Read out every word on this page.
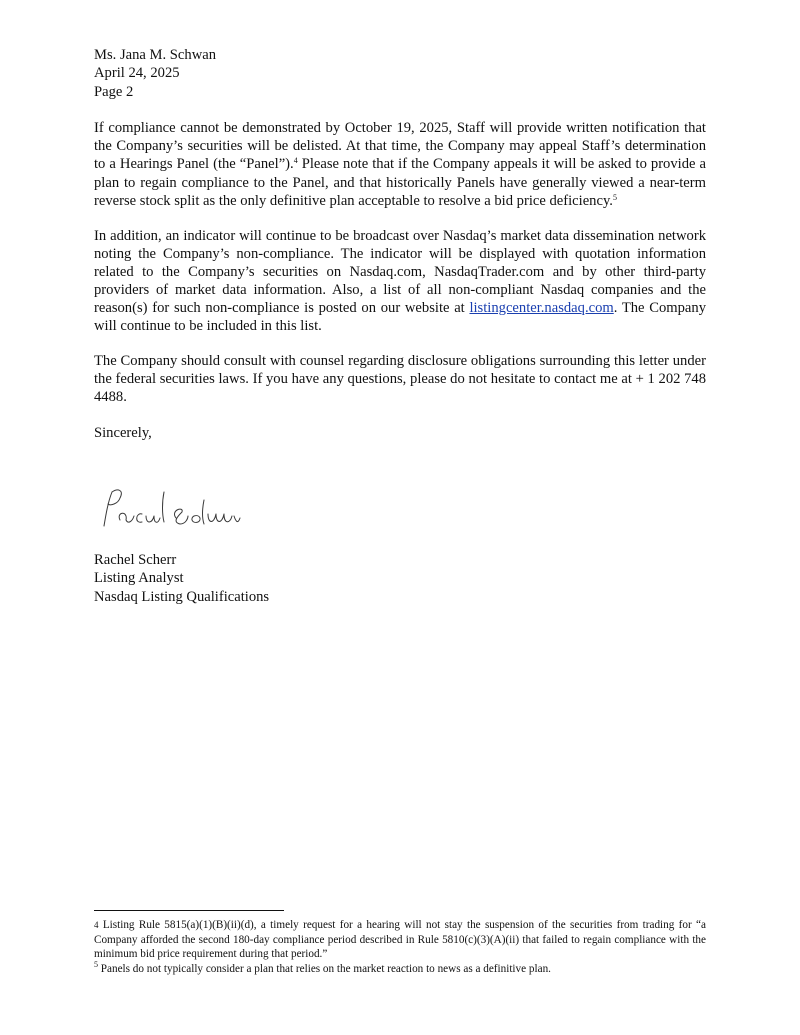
Ms. Jana M. Schwan
April 24, 2025
Page 2

If compliance cannot be demonstrated by October 19, 2025, Staff will provide written notification that the Company’s securities will be delisted. At that time, the Company may appeal Staff’s determination to a Hearings Panel (the “Panel”).$^4$ Please note that if the Company appeals it will be asked to provide a plan to regain compliance to the Panel, and that historically Panels have generally viewed a near-term reverse stock split as the only definitive plan acceptable to resolve a bid price deficiency.$^5$

In addition, an indicator will continue to be broadcast over Nasdaq’s market data dissemination network noting the Company’s non-compliance. The indicator will be displayed with quotation information related to the Company’s securities on Nasdaq.com, NasdaqTrader.com and by other third-party providers of market data information. Also, a list of all non-compliant Nasdaq companies and the reason(s) for such non-compliance is posted on our website at listingcenter.nasdaq.com. The Company will continue to be included in this list.

The Company should consult with counsel regarding disclosure obligations surrounding this letter under the federal securities laws. If you have any questions, please do not hesitate to contact me at + 1 202 748 4488.

Sincerely,
Rachel Scherr
Listing Analyst
Nasdaq Listing Qualifications
4 Listing Rule 5815(a)(1)(B)(ii)(d), a timely request for a hearing will not stay the suspension of the securities from trading for “a Company afforded the second 180-day compliance period described in Rule 5810(c)(3)(A)(ii) that failed to regain compliance with the minimum bid price requirement during that period.”
$^5$ Panels do not typically consider a plan that relies on the market reaction to news as a definitive plan.
